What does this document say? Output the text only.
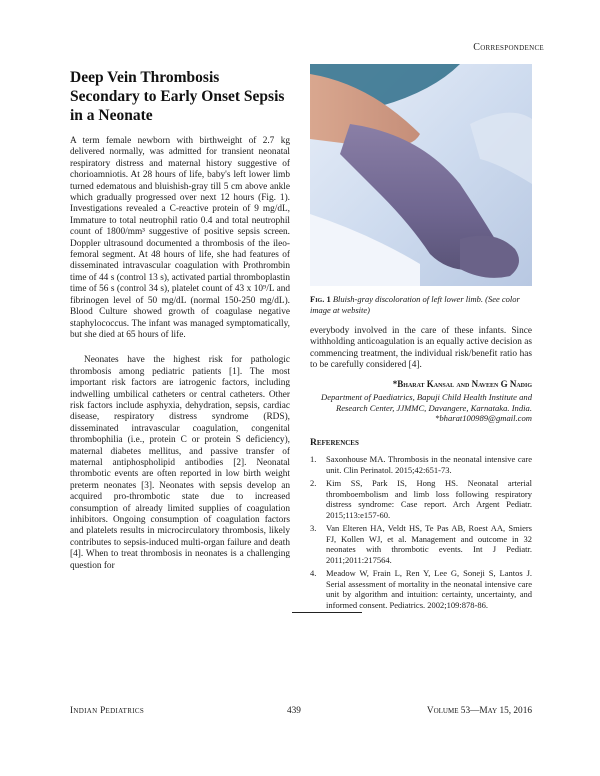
Correspondence
Deep Vein Thrombosis Secondary to Early Onset Sepsis in a Neonate

A term female newborn with birthweight of 2.7 kg delivered normally, was admitted for transient neonatal respiratory distress and maternal history suggestive of chorioamniotis. At 28 hours of life, baby's left lower limb turned edematous and bluishish-gray till 5 cm above ankle which gradually progressed over next 12 hours (Fig. 1). Investigations revealed a C-reactive protein of 9 mg/dL, Immature to total neutrophil ratio 0.4 and total neutrophil count of 1800/mm³ suggestive of positive sepsis screen. Doppler ultrasound documented a thrombosis of the ileo-femoral segment. At 48 hours of life, she had features of disseminated intravascular coagulation with Prothrombin time of 44 s (control 13 s), activated partial thromboplastin time of 56 s (control 34 s), platelet count of 43 x 10⁹/L and fibrinogen level of 50 mg/dL (normal 150-250 mg/dL). Blood Culture showed growth of coagulase negative staphylococcus. The infant was managed symptomatically, but she died at 65 hours of life.

Neonates have the highest risk for pathologic thrombosis among pediatric patients [1]. The most important risk factors are iatrogenic factors, including indwelling umbilical catheters or central catheters. Other risk factors include asphyxia, dehydration, sepsis, cardiac disease, respiratory distress syndrome (RDS), disseminated intravascular coagulation, congenital thrombophilia (i.e., protein C or protein S deficiency), maternal diabetes mellitus, and passive transfer of maternal antiphospholipid antibodies [2]. Neonatal thrombotic events are often reported in low birth weight preterm neonates [3]. Neonates with sepsis develop an acquired pro-thrombotic state due to increased consumption of already limited supplies of coagulation inhibitors. Ongoing consumption of coagulation factors and platelets results in microcirculatory thrombosis, likely contributes to sepsis-induced multi-organ failure and death [4]. When to treat thrombosis in neonates is a challenging question for

Fig. 1 Bluish-gray discoloration of left lower limb. (See color image at website)
everybody involved in the care of these infants. Since withholding anticoagulation is an equally active decision as commencing treatment, the individual risk/benefit ratio has to be carefully considered [4].
*Bharat Kansal and Naveen G Nadig
Department of Paediatrics, Bapuji Child Health Institute and Research Center, JJMMC, Davangere, Karnataka. India.
*bharat100989@gmail.com
References
1. Saxonhouse MA. Thrombosis in the neonatal intensive care unit. Clin Perinatol. 2015;42:651-73.
2. Kim SS, Park IS, Hong HS. Neonatal arterial thromboembolism and limb loss following respiratory distress syndrome: Case report. Arch Argent Pediatr. 2015;113:e157-60.
3. Van Elteren HA, Veldt HS, Te Pas AB, Roest AA, Smiers FJ, Kollen WJ, et al. Management and outcome in 32 neonates with thrombotic events. Int J Pediatr. 2011;2011:217564.
4. Meadow W, Frain L, Ren Y, Lee G, Soneji S, Lantos J. Serial assessment of mortality in the neonatal intensive care unit by algorithm and intuition: certainty, uncertainty, and informed consent. Pediatrics. 2002;109:878-86.
Indian Pediatrics	439	Volume 53—May 15, 2016
